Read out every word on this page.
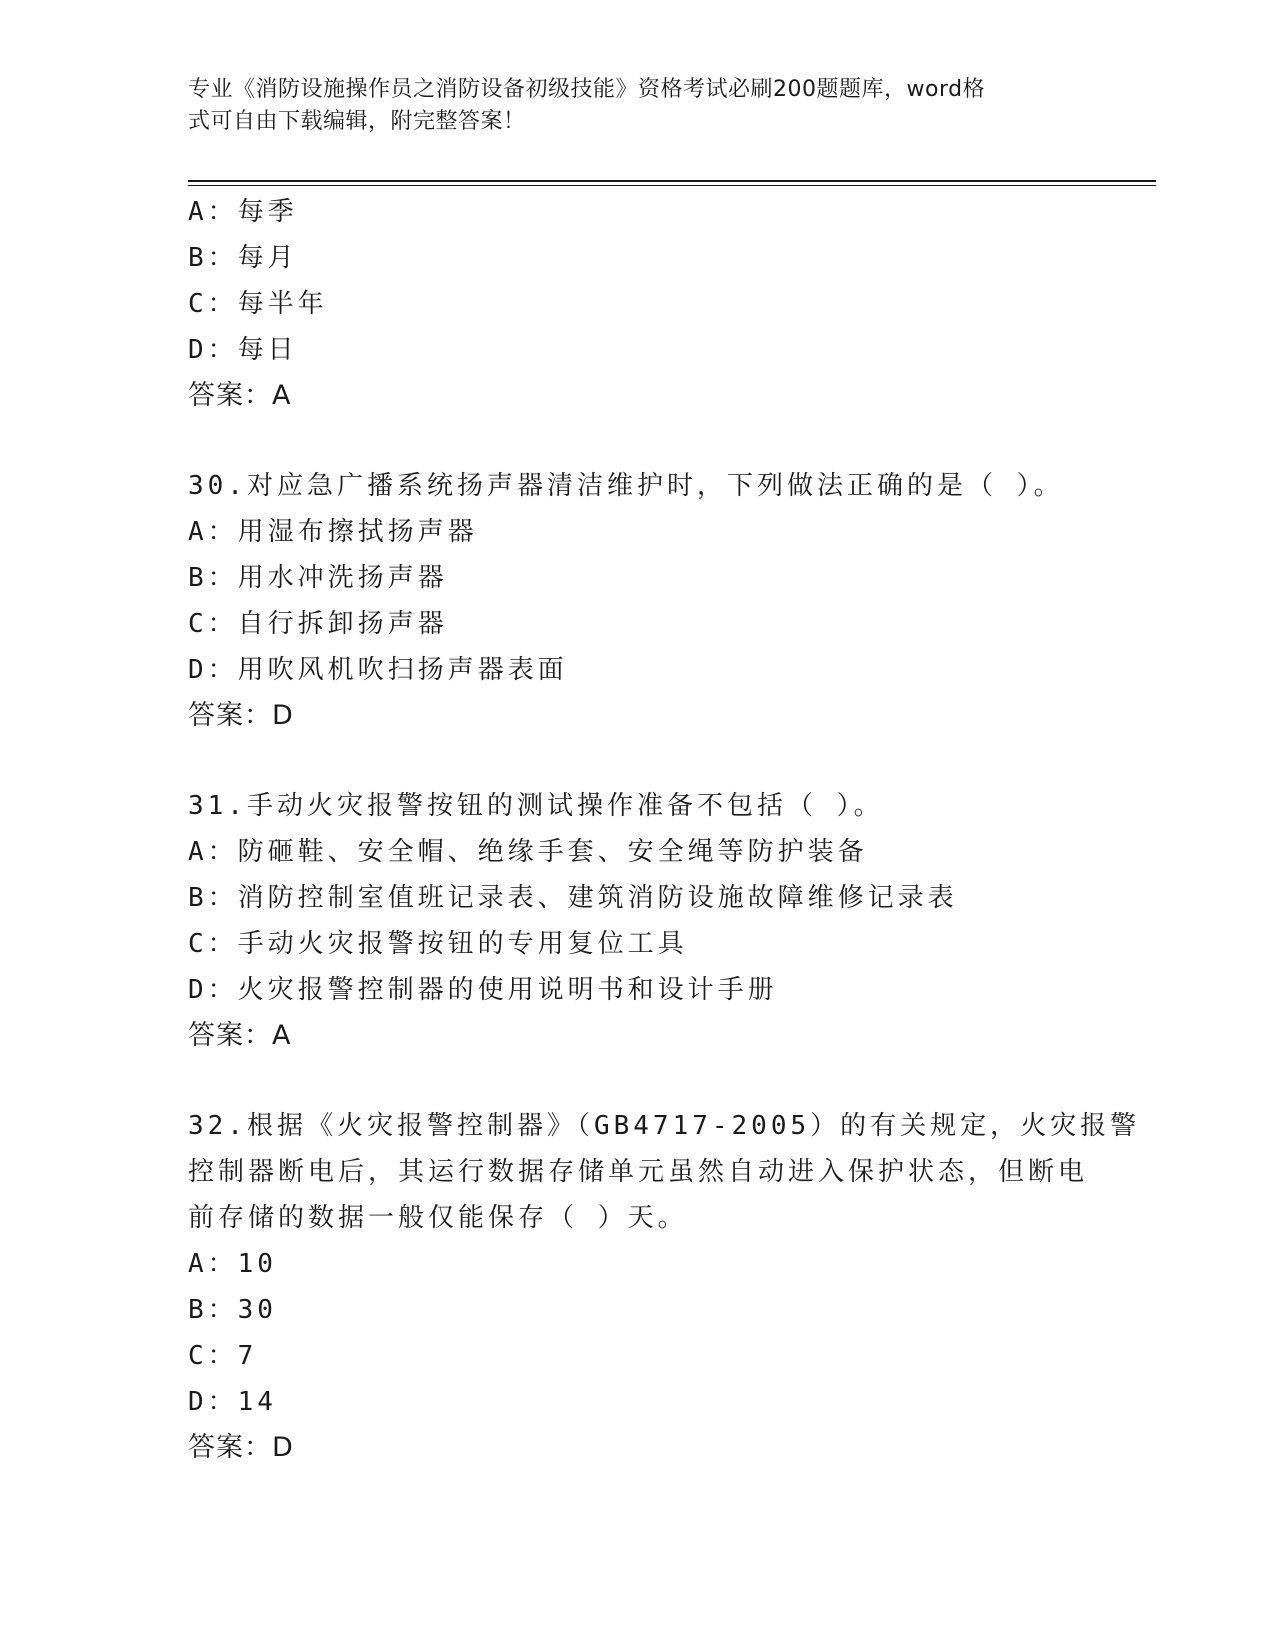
专业《消防设施操作员之消防设备初级技能》资格考试必刷200题题库，word格
式可自由下载编辑，附完整答案！
A：每季
B：每月
C：每半年
D：每日
答案：A
30.对应急广播系统扬声器清洁维护时，下列做法正确的是（ ）。
A：用湿布擦拭扬声器
B：用水冲洗扬声器
C：自行拆卸扬声器
D：用吹风机吹扫扬声器表面
答案：D
31.手动火灾报警按钮的测试操作准备不包括（ ）。
A：防砸鞋、安全帽、绝缘手套、安全绳等防护装备
B：消防控制室值班记录表、建筑消防设施故障维修记录表
C：手动火灾报警按钮的专用复位工具
D：火灾报警控制器的使用说明书和设计手册
答案：A
32.根据《火灾报警控制器》（GB4717-2005）的有关规定，火灾报警
控制器断电后，其运行数据存储单元虽然自动进入保护状态，但断电
前存储的数据一般仅能保存（ ）天。
A：10
B：30
C：7
D：14
答案：D
